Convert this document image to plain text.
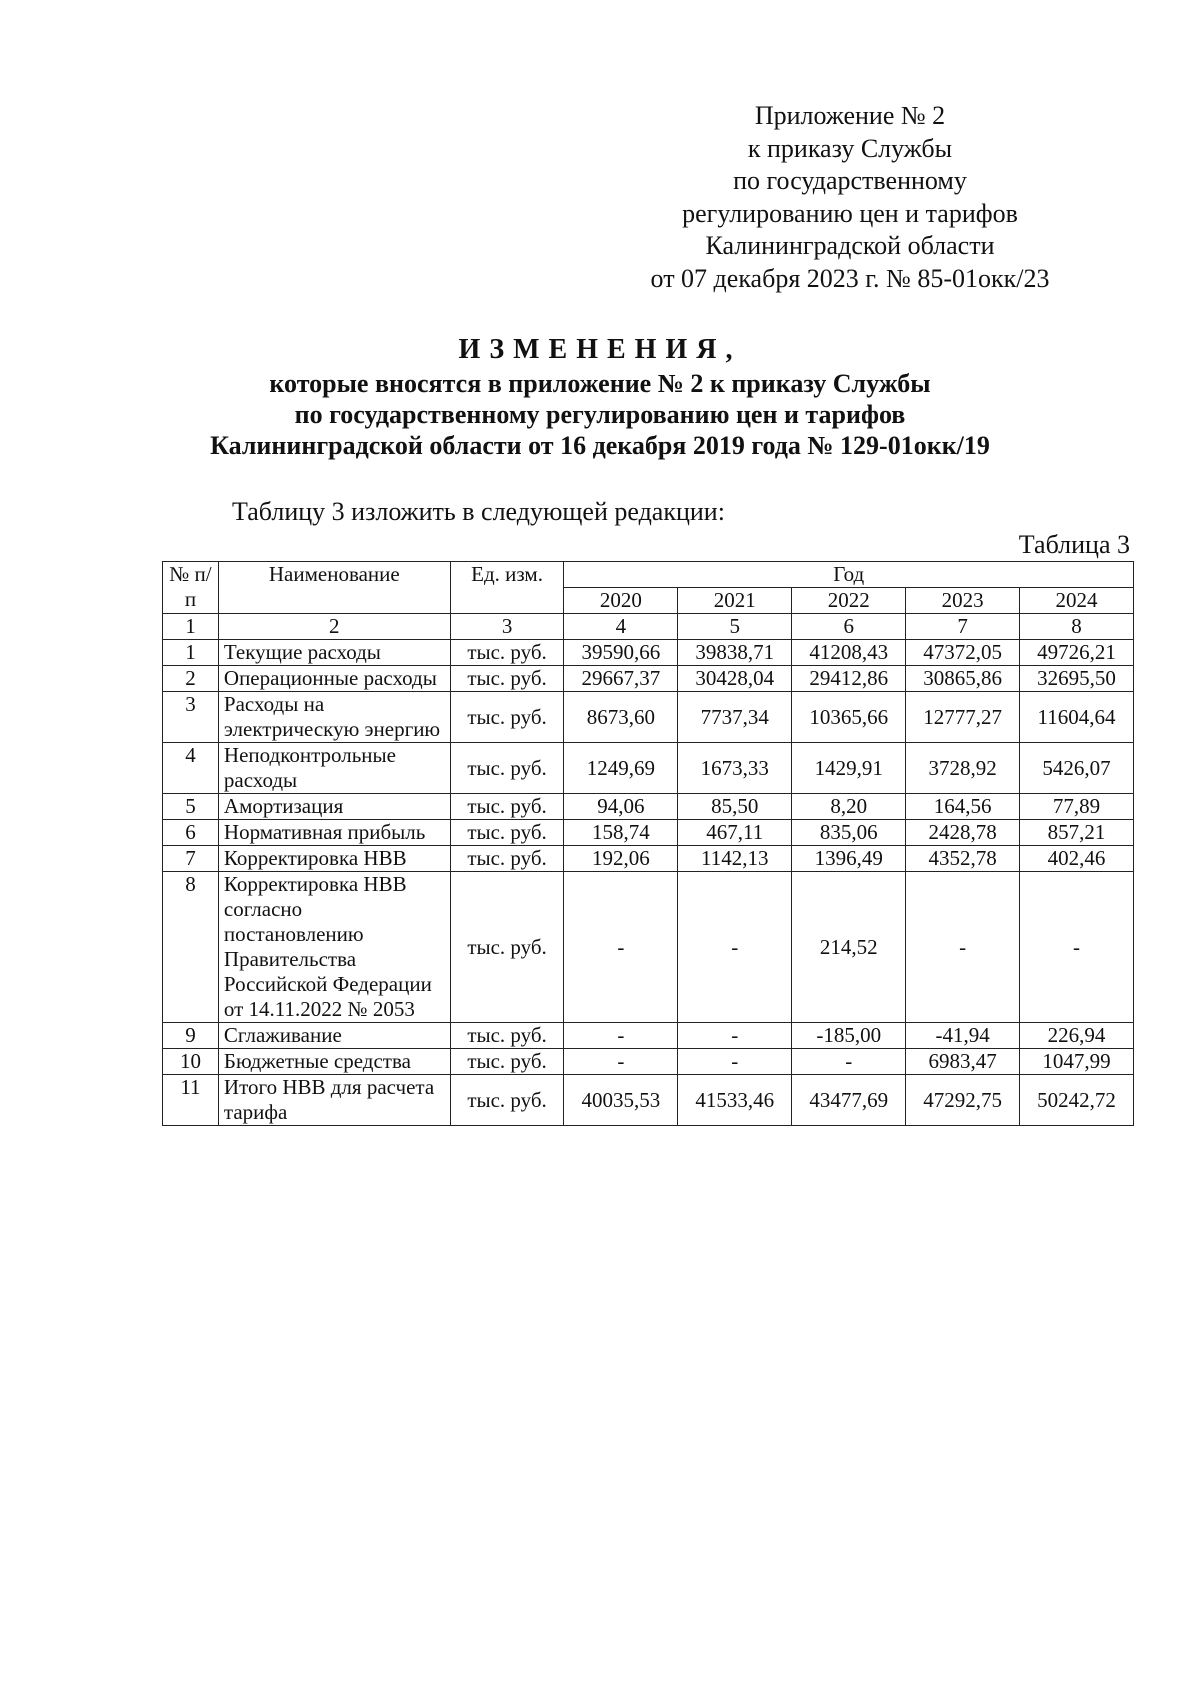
Приложение № 2
к приказу Службы
по государственному
регулированию цен и тарифов
Калининградской области
от 07 декабря 2023 г. № 85-01окк/23
ИЗМЕНЕНИЯ,
которые вносятся в приложение № 2 к приказу Службы
по государственному регулированию цен и тарифов
Калининградской области от 16 декабря 2019 года № 129-01окк/19
Таблицу 3 изложить в следующей редакции:
Таблица 3
№ п/п	Наименование	Ед. изм.	Год				
			2020	2021	2022	2023	2024
1	2	3	4	5	6	7	8
1	Текущие расходы	тыс. руб.	39590,66	39838,71	41208,43	47372,05	49726,21
2	Операционные расходы	тыс. руб.	29667,37	30428,04	29412,86	30865,86	32695,50
3	Расходы на электрическую энергию	тыс. руб.	8673,60	7737,34	10365,66	12777,27	11604,64
4	Неподконтрольные расходы	тыс. руб.	1249,69	1673,33	1429,91	3728,92	5426,07
5	Амортизация	тыс. руб.	94,06	85,50	8,20	164,56	77,89
6	Нормативная прибыль	тыс. руб.	158,74	467,11	835,06	2428,78	857,21
7	Корректировка НВВ	тыс. руб.	192,06	1142,13	1396,49	4352,78	402,46
8	Корректировка НВВ согласно постановлению Правительства Российской Федерации от 14.11.2022 № 2053	тыс. руб.	-	-	214,52	-	-
9	Сглаживание	тыс. руб.	-	-	-185,00	-41,94	226,94
10	Бюджетные средства	тыс. руб.	-	-	-	6983,47	1047,99
11	Итого НВВ для расчета тарифа	тыс. руб.	40035,53	41533,46	43477,69	47292,75	50242,72
